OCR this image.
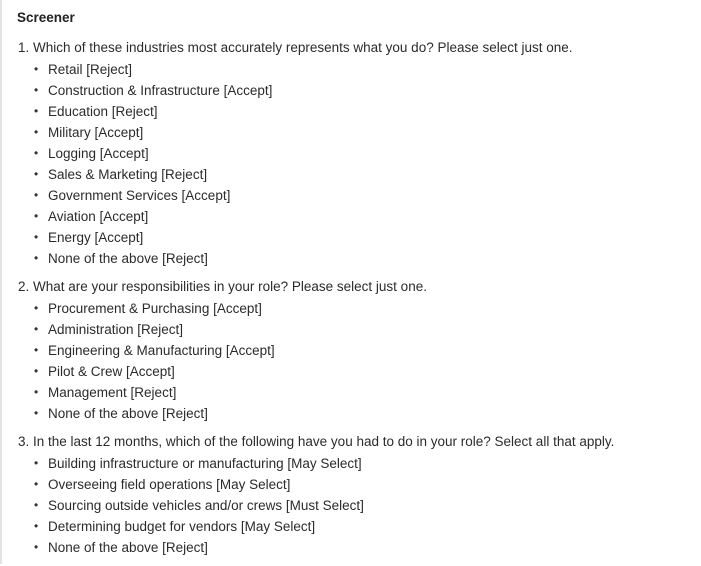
Screener
1. Which of these industries most accurately represents what you do? Please select just one.
• Retail [Reject]
• Construction & Infrastructure [Accept]
• Education [Reject]
• Military [Accept]
• Logging [Accept]
• Sales & Marketing [Reject]
• Government Services [Accept]
• Aviation [Accept]
• Energy [Accept]
• None of the above [Reject]
2. What are your responsibilities in your role? Please select just one.
• Procurement & Purchasing [Accept]
• Administration [Reject]
• Engineering & Manufacturing [Accept]
• Pilot & Crew [Accept]
• Management [Reject]
• None of the above [Reject]
3. In the last 12 months, which of the following have you had to do in your role? Select all that apply.
• Building infrastructure or manufacturing [May Select]
• Overseeing field operations [May Select]
• Sourcing outside vehicles and/or crews [Must Select]
• Determining budget for vendors [May Select]
• None of the above [Reject]
